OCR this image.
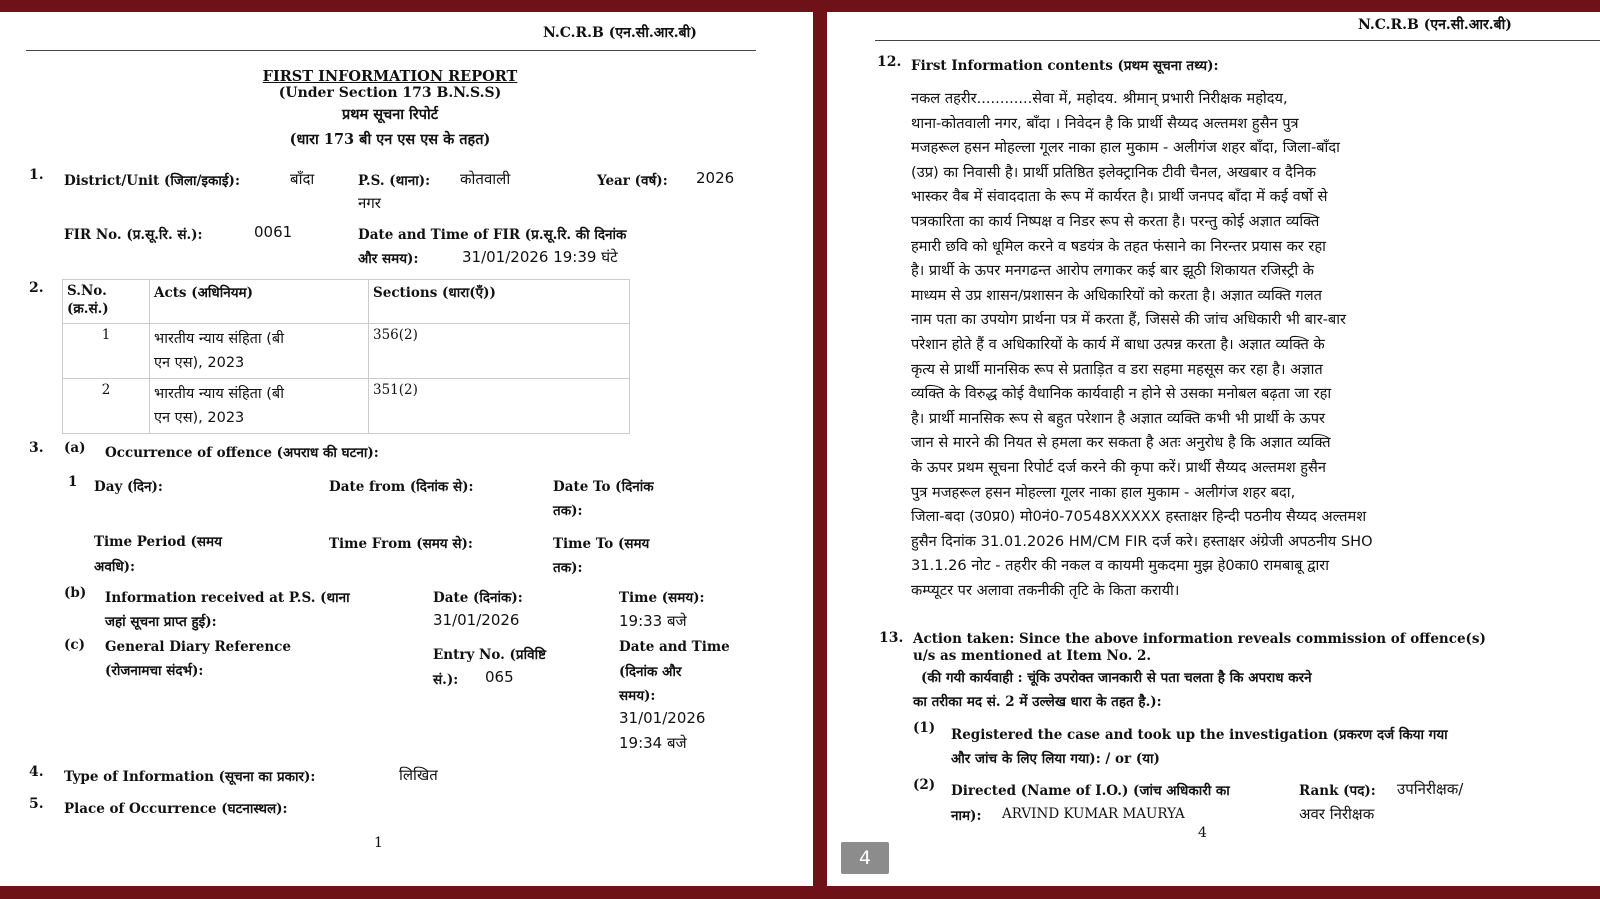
N.C.R.B (एन.सी.आर.बी)
FIRST INFORMATION REPORT
(Under Section 173 B.N.S.S)
प्रथम सूचना रिपोर्ट
(धारा 173 बी एन एस एस के तहत)
1. District/Unit (जिला/इकाई):	बाँदा	P.S. (थाना): कोतवाली
नगर
Year (वर्ष): 2026
FIR No. (प्र.सू.रि. सं.):	0061	Date and Time of FIR (प्र.सू.रि. की दिनांक
और समय):	31/01/2026 19:39 घंटे
2. S.No.
(क्र.सं.)	Acts (अधिनियम)	Sections (धारा(एँ))
1	भारतीय न्याय संहिता (बी
एन एस), 2023	356(2)
2	भारतीय न्याय संहिता (बी
एन एस), 2023	351(2)
3. (a) Occurrence of offence (अपराध की घटना):
1 Day (दिन):	Date from (दिनांक से):	Date To (दिनांक
तक):
Time Period (समय
अवधि):
Time From (समय से):	Time To (समय
तक):
(b) Information received at P.S. (थाना
जहां सूचना प्राप्त हुई):
Date (दिनांक):
31/01/2026
Time (समय):
19:33 बजे
(c) General Diary Reference
(रोजनामचा संदर्भ):
Entry No. (प्रविष्टि
सं.): 065
Date and Time
(दिनांक और
समय):
31/01/2026
19:34 बजे
4. Type of Information (सूचना का प्रकार):	लिखित
5. Place of Occurrence (घटनास्थल):
1
N.C.R.B (एन.सी.आर.बी)
12. First Information contents (प्रथम सूचना तथ्य):
नकल तहरीर............सेवा में, महोदय. श्रीमान् प्रभारी निरीक्षक महोदय,
थाना-कोतवाली नगर, बाँदा । निवेदन है कि प्रार्थी सैय्यद अल्तमश हुसैन पुत्र
मजहरूल हसन मोहल्ला गूलर नाका हाल मुकाम - अलीगंज शहर बाँदा, जिला-बाँदा
(उप्र) का निवासी है। प्रार्थी प्रतिष्ठित इलेक्ट्रानिक टीवी चैनल, अखबार व दैनिक
भास्कर वैब में संवाददाता के रूप में कार्यरत है। प्रार्थी जनपद बाँदा में कई वर्षो से
पत्रकारिता का कार्य निष्पक्ष व निडर रूप से करता है। परन्तु कोई अज्ञात व्यक्ति
हमारी छवि को धूमिल करने व षडयंत्र के तहत फंसाने का निरन्तर प्रयास कर रहा
है। प्रार्थी के ऊपर मनगढन्त आरोप लगाकर कई बार झूठी शिकायत रजिस्ट्री के
माध्यम से उप्र शासन/प्रशासन के अधिकारियों को करता है। अज्ञात व्यक्ति गलत
नाम पता का उपयोग प्रार्थना पत्र में करता हैं, जिससे की जांच अधिकारी भी बार-बार
परेशान होते हैं व अधिकारियों के कार्य में बाधा उत्पन्न करता है। अज्ञात व्यक्ति के
कृत्य से प्रार्थी मानसिक रूप से प्रताड़ित व डरा सहमा महसूस कर रहा है। अज्ञात
व्यक्ति के विरुद्ध कोई वैधानिक कार्यवाही न होने से उसका मनोबल बढ़ता जा रहा
है। प्रार्थी मानसिक रूप से बहुत परेशान है अज्ञात व्यक्ति कभी भी प्रार्थी के ऊपर
जान से मारने की नियत से हमला कर सकता है अतः अनुरोध है कि अज्ञात व्यक्ति
के ऊपर प्रथम सूचना रिपोर्ट दर्ज करने की कृपा करें। प्रार्थी सैय्यद अल्तमश हुसैन
पुत्र मजहरूल हसन मोहल्ला गूलर नाका हाल मुकाम - अलीगंज शहर बदा,
जिला-बदा (उ0प्र0) मो0नं0-70548XXXXX हस्ताक्षर हिन्दी पठनीय सैय्यद अल्तमश
हुसैन दिनांक 31.01.2026 HM/CM FIR दर्ज करे। हस्ताक्षर अंग्रेजी अपठनीय SHO
31.1.26 नोट - तहरीर की नकल व कायमी मुकदमा मुझ हे0का0 रामबाबू द्वारा
कम्प्यूटर पर अलावा तकनीकी तृटि के किता करायी।
13. Action taken: Since the above information reveals commission of offence(s)
u/s as mentioned at Item No. 2.
(की गयी कार्यवाही : चूंकि उपरोक्त जानकारी से पता चलता है कि अपराध करने
का तरीका मद सं. 2 में उल्लेख धारा के तहत है.):
(1) Registered the case and took up the investigation (प्रकरण दर्ज किया गया
और जांच के लिए लिया गया): / or (या)
(2) Directed (Name of I.O.) (जांच अधिकारी का
नाम): ARVIND KUMAR MAURYA
Rank (पद): उपनिरीक्षक/
अवर निरीक्षक
4
4
